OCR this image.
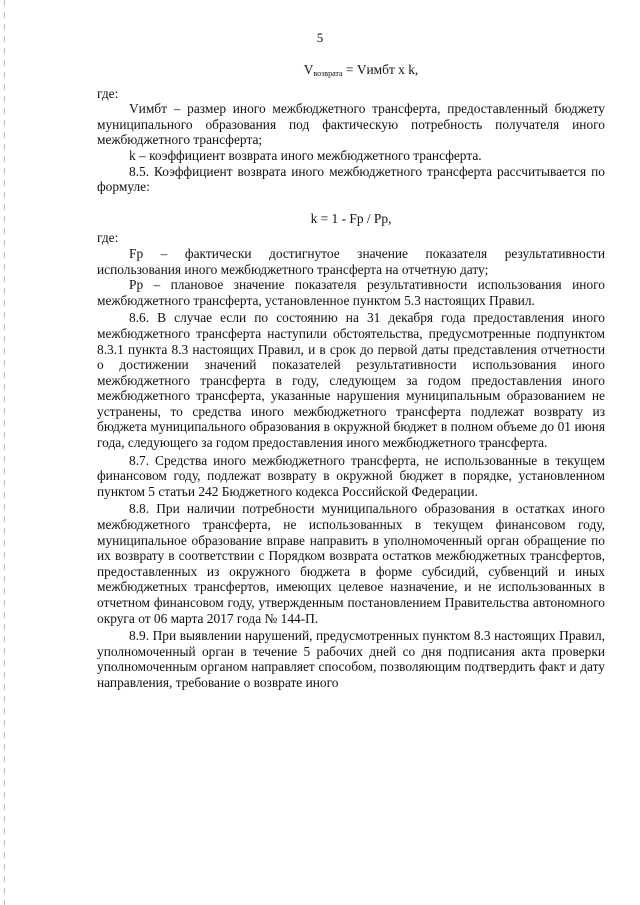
5

$V_{возврата}$ = Vимбт x k,

где:

Vимбт – размер иного межбюджетного трансферта, предоставленный бюджету муниципального образования под фактическую потребность получателя иного межбюджетного трансферта;

k – коэффициент возврата иного межбюджетного трансферта.

8.5. Коэффициент возврата иного межбюджетного трансферта рассчитывается по формуле:

k = 1 - Fp / Pp,

где:

Fp – фактически достигнутое значение показателя результативности использования иного межбюджетного трансферта на отчетную дату;

Pp – плановое значение показателя результативности использования иного межбюджетного трансферта, установленное пунктом 5.3 настоящих Правил.

8.6. В случае если по состоянию на 31 декабря года предоставления иного межбюджетного трансферта наступили обстоятельства, предусмотренные подпунктом 8.3.1 пункта 8.3 настоящих Правил, и в срок до первой даты представления отчетности о достижении значений показателей результативности использования иного межбюджетного трансферта в году, следующем за годом предоставления иного межбюджетного трансферта, указанные нарушения муниципальным образованием не устранены, то средства иного межбюджетного трансферта подлежат возврату из бюджета муниципального образования в окружной бюджет в полном объеме до 01 июня года, следующего за годом предоставления иного межбюджетного трансферта.

8.7. Средства иного межбюджетного трансферта, не использованные в текущем финансовом году, подлежат возврату в окружной бюджет в порядке, установленном пунктом 5 статьи 242 Бюджетного кодекса Российской Федерации.

8.8. При наличии потребности муниципального образования в остатках иного межбюджетного трансферта, не использованных в текущем финансовом году, муниципальное образование вправе направить в уполномоченный орган обращение по их возврату в соответствии с Порядком возврата остатков межбюджетных трансфертов, предоставленных из окружного бюджета в форме субсидий, субвенций и иных межбюджетных трансфертов, имеющих целевое назначение, и не использованных в отчетном финансовом году, утвержденным постановлением Правительства автономного округа от 06 марта 2017 года № 144-П.

8.9. При выявлении нарушений, предусмотренных пунктом 8.3 настоящих Правил, уполномоченный орган в течение 5 рабочих дней со дня подписания акта проверки уполномоченным органом направляет способом, позволяющим подтвердить факт и дату направления, требование о возврате иного
